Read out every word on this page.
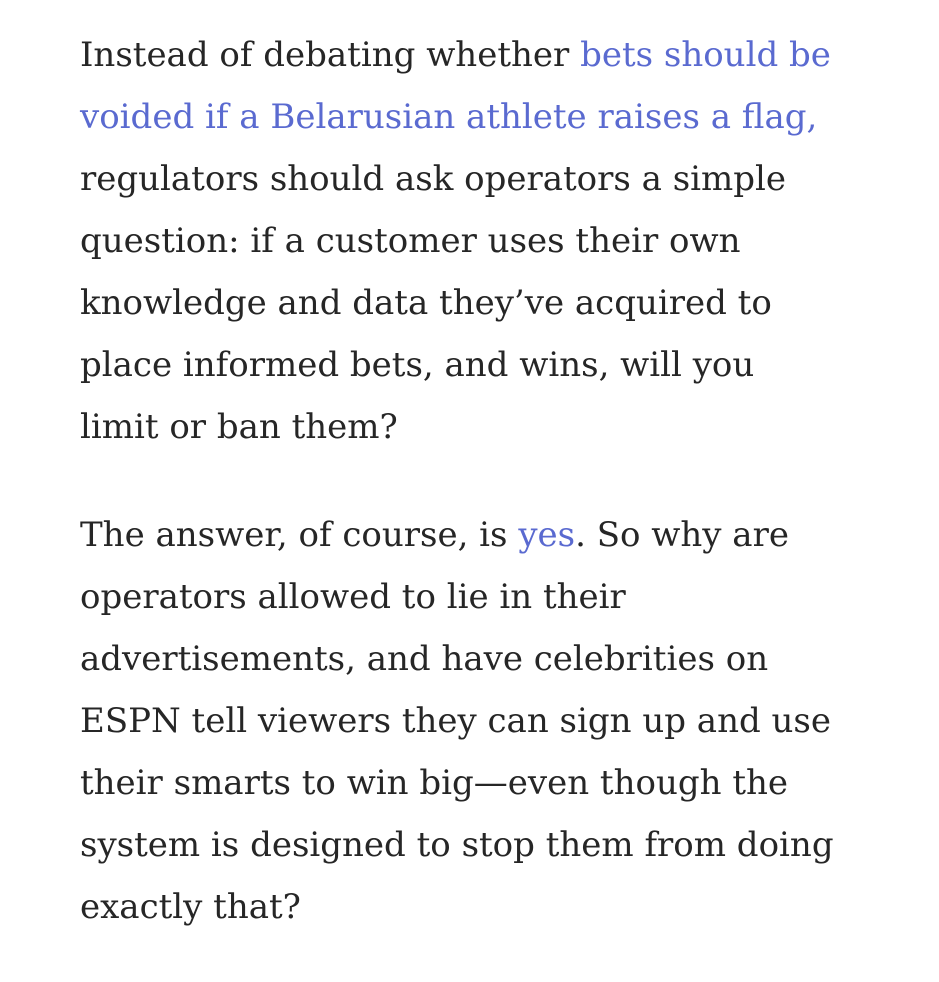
Instead of debating whether bets should be
voided if a Belarusian athlete raises a flag,
regulators should ask operators a simple
question: if a customer uses their own
knowledge and data they’ve acquired to
place informed bets, and wins, will you
limit or ban them?

The answer, of course, is yes. So why are
operators allowed to lie in their
advertisements, and have celebrities on
ESPN tell viewers they can sign up and use
their smarts to win big—even though the
system is designed to stop them from doing
exactly that?
